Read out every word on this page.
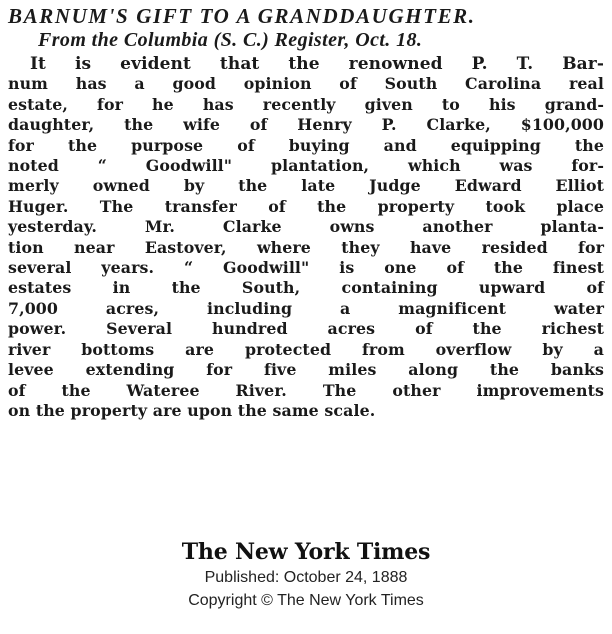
BARNUM'S GIFT TO A GRANDDAUGHTER.
From the Columbia (S. C.) Register, Oct. 18.
It is evident that the renowned P. T. Bar-
num has a good opinion of South Carolina real
estate, for he has recently given to his grand-
daughter, the wife of Henry P. Clarke, $100,000
for the purpose of buying and equipping the
noted “ Goodwill" plantation, which was for-
merly owned by the late Judge Edward Elliot
Huger. The transfer of the property took place
yesterday. Mr. Clarke owns another planta-
tion near Eastover, where they have resided for
several years. “ Goodwill" is one of the finest
estates in the South, containing upward of
7,000 acres, including a magnificent water
power. Several hundred acres of the richest
river bottoms are protected from overflow by a
levee extending for five miles along the banks
of the Wateree River. The other improvements
on the property are upon the same scale.
The New York Times
Published: October 24, 1888
Copyright © The New York Times
